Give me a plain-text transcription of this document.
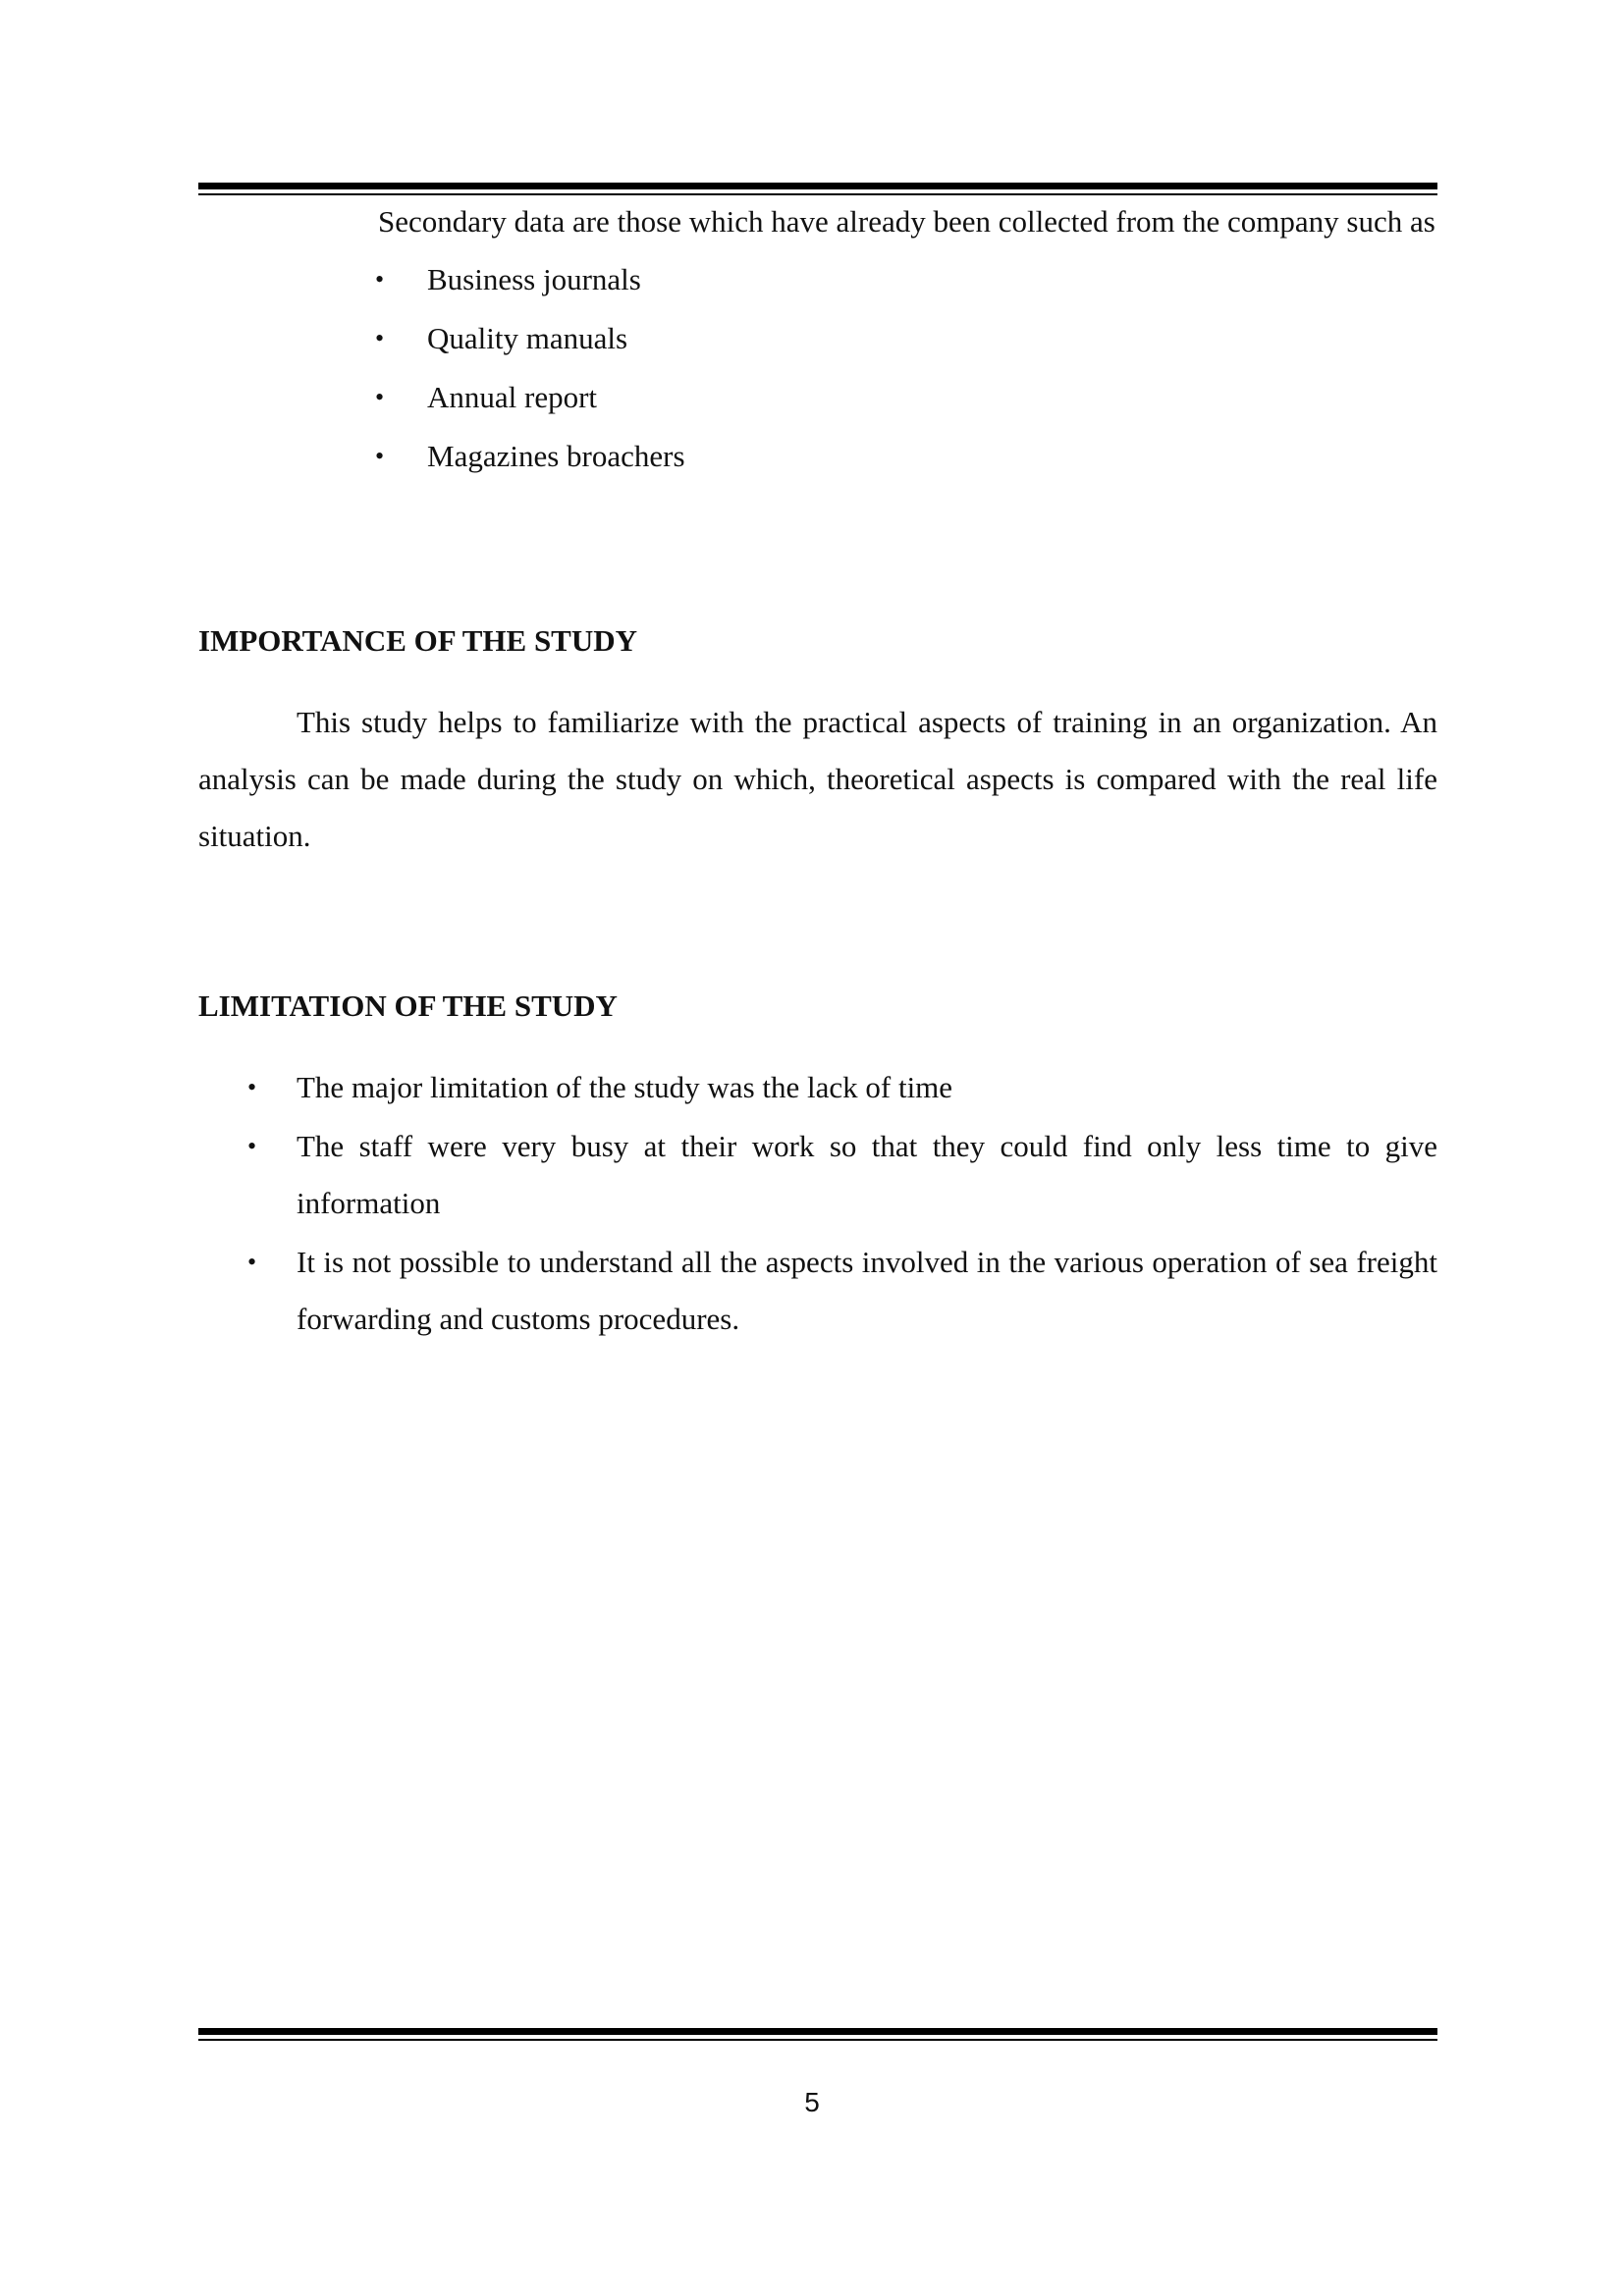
Secondary data are those which have already been collected from the company such as

• Business journals
• Quality manuals
• Annual report
• Magazines broachers
IMPORTANCE OF THE STUDY

This study helps to familiarize with the practical aspects of training in an organization. An analysis can be made during the study on which, theoretical aspects is compared with the real life situation.

LIMITATION OF THE STUDY
• The major limitation of the study was the lack of time
• The staff were very busy at their work so that they could find only less time to give information
• It is not possible to understand all the aspects involved in the various operation of sea freight forwarding and customs procedures.
5
